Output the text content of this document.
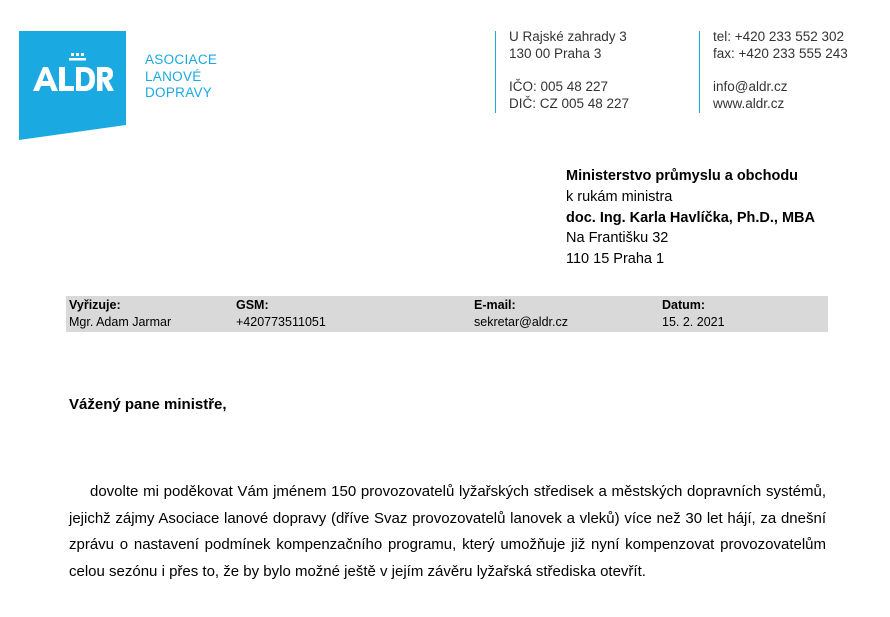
ASOCIACE
LANOVÉ
DOPRAVY
U Rajské zahrady 3
130 00 Praha 3
IČO: 005 48 227
DIČ: CZ 005 48 227
tel: +420 233 552 302
fax: +420 233 555 243
info@aldr.cz
www.aldr.cz
Ministerstvo průmyslu a obchodu
k rukám ministra
doc. Ing. Karla Havlíčka, Ph.D., MBA
Na Františku 32
110 15 Praha 1
Vyřizuje:
Mgr. Adam Jarmar
GSM:
+420773511051
E-mail:
sekretar@aldr.cz
Datum:
15. 2. 2021
Vážený pane ministře,
dovolte mi poděkovat Vám jménem 150 provozovatelů lyžařských středisek a městských dopravních systémů, jejichž zájmy Asociace lanové dopravy (dříve Svaz provozovatelů lanovek a vleků) více než 30 let hájí, za dnešní zprávu o nastavení podmínek kompenzačního programu, který umožňuje již nyní kompenzovat provozovatelům celou sezónu i přes to, že by bylo možné ještě v jejím závěru lyžařská střediska otevřít.
